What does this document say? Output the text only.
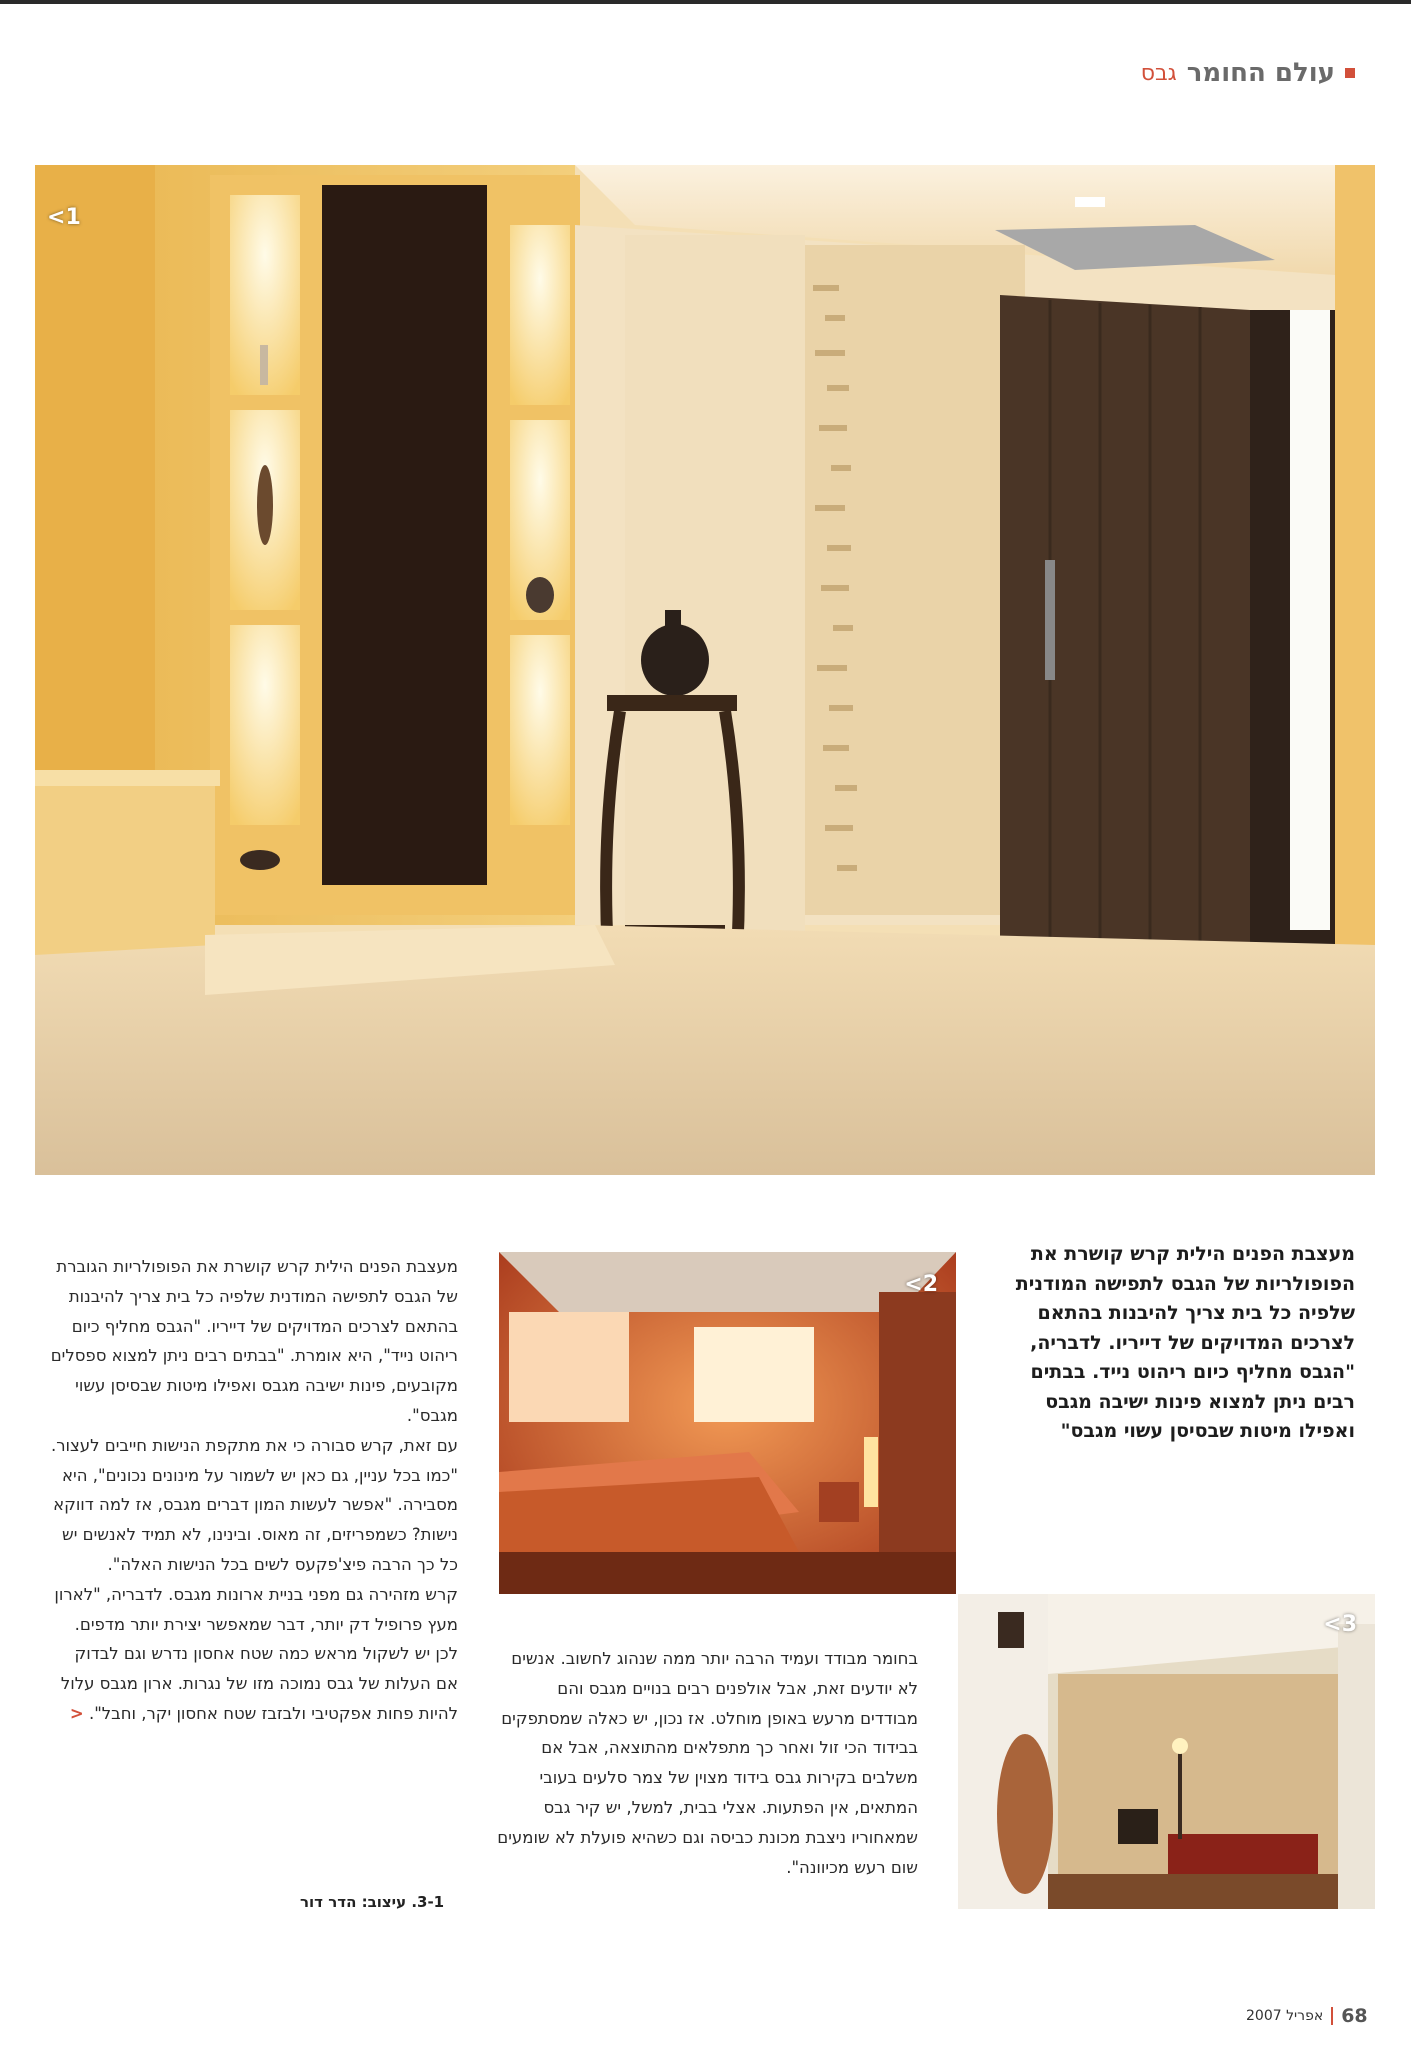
עולם החומר
גבס
<1
<2
<3
מעצבת הפנים הילית קרש קושרת את הפופולריות של הגבס לתפישה המודנית שלפיה כל בית צריך להיבנות בהתאם לצרכים המדויקים של דייריו. לדבריה, "הגבס מחליף כיום ריהוט נייד. בבתים רבים ניתן למצוא פינות ישיבה מגבס ואפילו מיטות שבסיסן עשוי מגבס"

מעצבת הפנים הילית קרש קושרת את הפופולריות הגוברת של הגבס לתפישה המודנית שלפיה כל בית צריך להיבנות בהתאם לצרכים המדויקים של דייריו. "הגבס מחליף כיום ריהוט נייד", היא אומרת. "בבתים רבים ניתן למצוא ספסלים מקובעים, פינות ישיבה מגבס ואפילו מיטות שבסיסן עשוי מגבס".

עם זאת, קרש סבורה כי את מתקפת הנישות חייבים לעצור. "כמו בכל עניין, גם כאן יש לשמור על מינונים נכונים", היא מסבירה. "אפשר לעשות המון דברים מגבס, אז למה דווקא נישות? כשמפריזים, זה מאוס. ובינינו, לא תמיד לאנשים יש כל כך הרבה פיצ'פקעס לשים בכל הנישות האלה".

קרש מזהירה גם מפני בניית ארונות מגבס. לדבריה, "לארון מעץ פרופיל דק יותר, דבר שמאפשר יצירת יותר מדפים. לכן יש לשקול מראש כמה שטח אחסון נדרש וגם לבדוק אם העלות של גבס נמוכה מזו של נגרות. ארון מגבס עלול להיות פחות אפקטיבי ולבזבז שטח אחסון יקר, וחבל". <

בחומר מבודד ועמיד הרבה יותר ממה שנהוג לחשוב. אנשים לא יודעים זאת, אבל אולפנים רבים בנויים מגבס והם מבודדים מרעש באופן מוחלט. אז נכון, יש כאלה שמסתפקים בבידוד הכי זול ואחר כך מתפלאים מהתוצאה, אבל אם משלבים בקירות גבס בידוד מצוין של צמר סלעים בעובי המתאים, אין הפתעות. אצלי בבית, למשל, יש קיר גבס שמאחוריו ניצבת מכונת כביסה וגם כשהיא פועלת לא שומעים שום רעש מכיוונה".
3-1. עיצוב: הדר דור
68
אפריל 2007
